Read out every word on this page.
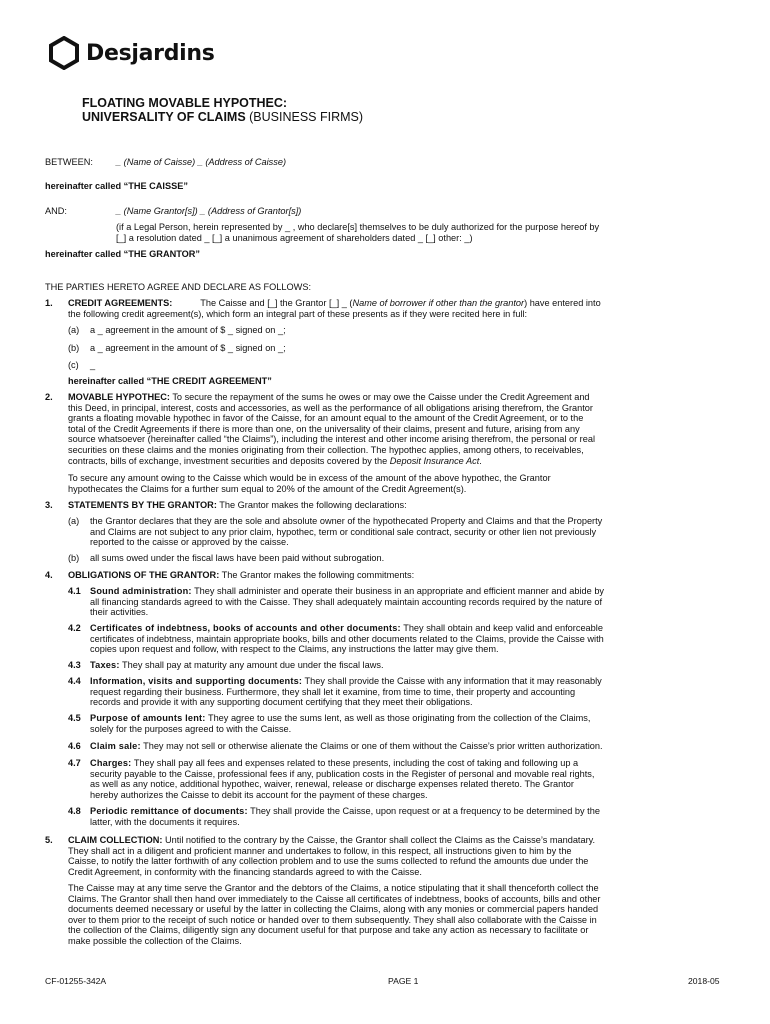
Desjardins
FLOATING MOVABLE HYPOTHEC:
UNIVERSALITY OF CLAIMS (BUSINESS FIRMS)
BETWEEN:	_ (Name of Caisse) _ (Address of Caisse)
hereinafter called “THE CAISSE”
AND:	_ (Name Grantor[s]) _ (Address of Grantor[s])
(if a Legal Person, herein represented by _ , who declare[s] themselves to be duly authorized for the purpose hereof by
[_] a resolution dated _ [_] a unanimous agreement of shareholders dated _ [_] other: _)
hereinafter called “THE GRANTOR”
THE PARTIES HERETO AGREE AND DECLARE AS FOLLOWS:
1. CREDIT AGREEMENTS:	The Caisse and [_] the Grantor [_] _ (Name of borrower if other than the grantor) have entered into
the following credit agreement(s), which form an integral part of these presents as if they were recited here in full:
(a) a _ agreement in the amount of $ _ signed on _;
(b) a _ agreement in the amount of $ _ signed on _;
(c) _
hereinafter called “THE CREDIT AGREEMENT”
2. MOVABLE HYPOTHEC: To secure the repayment of the sums he owes or may owe the Caisse under the Credit Agreement and
this Deed, in principal, interest, costs and accessories, as well as the performance of all obligations arising therefrom, the Grantor
grants a floating movable hypothec in favor of the Caisse, for an amount equal to the amount of the Credit Agreement, or to the
total of the Credit Agreements if there is more than one, on the universality of their claims, present and future, arising from any
source whatsoever (hereinafter called “the Claims”), including the interest and other income arising therefrom, the personal or real
securities on these claims and the monies originating from their collection. The hypothec applies, among others, to receivables,
contracts, bills of exchange, investment securities and deposits covered by the Deposit Insurance Act.
To secure any amount owing to the Caisse which would be in excess of the amount of the above hypothec, the Grantor
hypothecates the Claims for a further sum equal to 20% of the amount of the Credit Agreement(s).
3. STATEMENTS BY THE GRANTOR: The Grantor makes the following declarations:
(a) the Grantor declares that they are the sole and absolute owner of the hypothecated Property and Claims and that the Property
and Claims are not subject to any prior claim, hypothec, term or conditional sale contract, security or other lien not previously
reported to the caisse or approved by the caisse.
(b) all sums owed under the fiscal laws have been paid without subrogation.
4. OBLIGATIONS OF THE GRANTOR: The Grantor makes the following commitments:
4.1 Sound administration: They shall administer and operate their business in an appropriate and efficient manner and abide by
all financing standards agreed to with the Caisse. They shall adequately maintain accounting records required by the nature of
their activities.
4.2 Certificates of indebtness, books of accounts and other documents: They shall obtain and keep valid and enforceable
certificates of indebtness, maintain appropriate books, bills and other documents related to the Claims, provide the Caisse with
copies upon request and follow, with respect to the Claims, any instructions the latter may give them.
4.3 Taxes: They shall pay at maturity any amount due under the fiscal laws.
4.4 Information, visits and supporting documents: They shall provide the Caisse with any information that it may reasonably
request regarding their business. Furthermore, they shall let it examine, from time to time, their property and accounting
records and provide it with any supporting document certifying that they meet their obligations.
4.5 Purpose of amounts lent: They agree to use the sums lent, as well as those originating from the collection of the Claims,
solely for the purposes agreed to with the Caisse.
4.6 Claim sale: They may not sell or otherwise alienate the Claims or one of them without the Caisse’s prior written authorization.
4.7 Charges: They shall pay all fees and expenses related to these presents, including the cost of taking and following up a
security payable to the Caisse, professional fees if any, publication costs in the Register of personal and movable real rights,
as well as any notice, additional hypothec, waiver, renewal, release or discharge expenses related thereto. The Grantor
hereby authorizes the Caisse to debit its account for the payment of these charges.
4.8 Periodic remittance of documents: They shall provide the Caisse, upon request or at a frequency to be determined by the
latter, with the documents it requires.
5. CLAIM COLLECTION: Until notified to the contrary by the Caisse, the Grantor shall collect the Claims as the Caisse’s mandatary.
They shall act in a diligent and proficient manner and undertakes to follow, in this respect, all instructions given to him by the
Caisse, to notify the latter forthwith of any collection problem and to use the sums collected to refund the amounts due under the
Credit Agreement, in conformity with the financing standards agreed to with the Caisse.
The Caisse may at any time serve the Grantor and the debtors of the Claims, a notice stipulating that it shall thenceforth collect the
Claims. The Grantor shall then hand over immediately to the Caisse all certificates of indebtness, books of accounts, bills and other
documents deemed necessary or useful by the latter in collecting the Claims, along with any monies or commercial papers handed
over to them prior to the receipt of such notice or handed over to them subsequently. They shall also collaborate with the Caisse in
the collection of the Claims, diligently sign any document useful for that purpose and take any action as necessary to facilitate or
make possible the collection of the Claims.
CF-01255-342A	PAGE 1	2018-05
